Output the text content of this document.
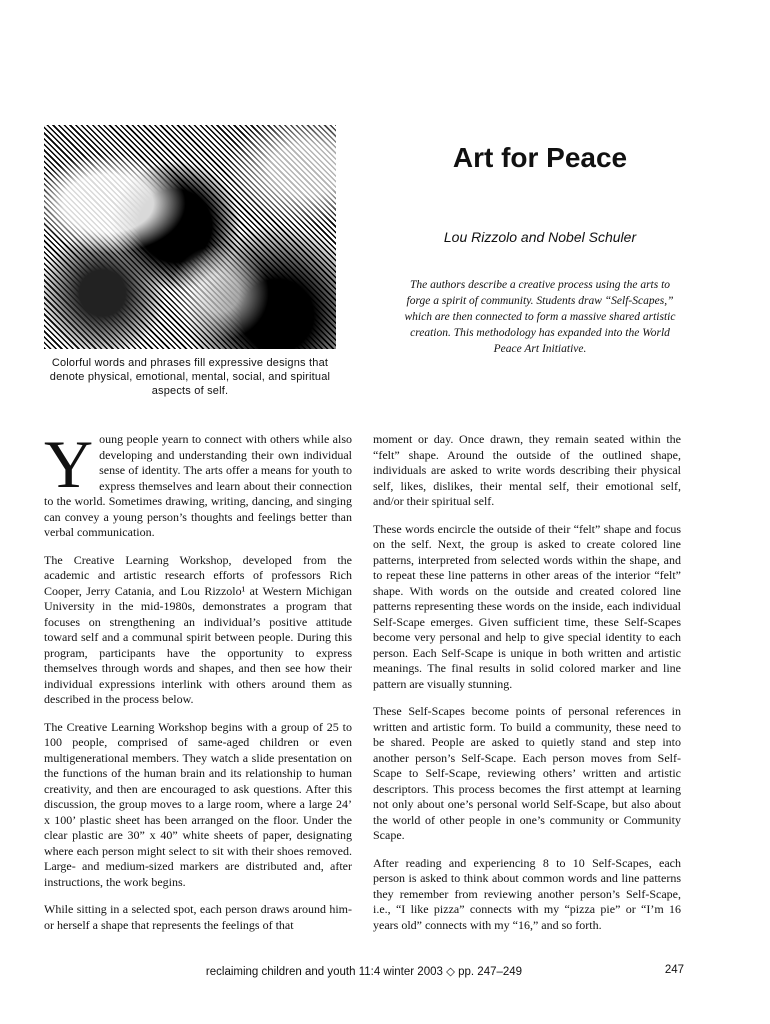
Colorful words and phrases fill expressive designs that denote physical, emotional, mental, social, and spiritual aspects of self.
Art for Peace
Lou Rizzolo and Nobel Schuler
The authors describe a creative process using the arts to forge a spirit of community. Students draw “Self-Scapes,” which are then connected to form a massive shared artistic creation. This methodology has expanded into the World Peace Art Initiative.

Young people yearn to connect with others while also developing and understanding their own individual sense of identity. The arts offer a means for youth to express themselves and learn about their connection to the world. Sometimes drawing, writing, dancing, and singing can convey a young person’s thoughts and feelings better than verbal communication.

The Creative Learning Workshop, developed from the academic and artistic research efforts of professors Rich Cooper, Jerry Catania, and Lou Rizzolo¹ at Western Michigan University in the mid-1980s, demonstrates a program that focuses on strengthening an individual’s positive attitude toward self and a communal spirit between people. During this program, participants have the opportunity to express themselves through words and shapes, and then see how their individual expressions interlink with others around them as described in the process below.

The Creative Learning Workshop begins with a group of 25 to 100 people, comprised of same-aged children or even multigenerational members. They watch a slide presentation on the functions of the human brain and its relationship to human creativity, and then are encouraged to ask questions. After this discussion, the group moves to a large room, where a large 24’ x 100’ plastic sheet has been arranged on the floor. Under the clear plastic are 30” x 40” white sheets of paper, designating where each person might select to sit with their shoes removed. Large- and medium-sized markers are distributed and, after instructions, the work begins.

While sitting in a selected spot, each person draws around him- or herself a shape that represents the feelings of that

moment or day. Once drawn, they remain seated within the “felt” shape. Around the outside of the outlined shape, individuals are asked to write words describing their physical self, likes, dislikes, their mental self, their emotional self, and/or their spiritual self.

These words encircle the outside of their “felt” shape and focus on the self. Next, the group is asked to create colored line patterns, interpreted from selected words within the shape, and to repeat these line patterns in other areas of the interior “felt” shape. With words on the outside and created colored line patterns representing these words on the inside, each individual Self-Scape emerges. Given sufficient time, these Self-Scapes become very personal and help to give special identity to each person. Each Self-Scape is unique in both written and artistic meanings. The final results in solid colored marker and line pattern are visually stunning.

These Self-Scapes become points of personal references in written and artistic form. To build a community, these need to be shared. People are asked to quietly stand and step into another person’s Self-Scape. Each person moves from Self-Scape to Self-Scape, reviewing others’ written and artistic descriptors. This process becomes the first attempt at learning not only about one’s personal world Self-Scape, but also about the world of other people in one’s community or Community Scape.

After reading and experiencing 8 to 10 Self-Scapes, each person is asked to think about common words and line patterns they remember from reviewing another person’s Self-Scape, i.e., “I like pizza” connects with my “pizza pie” or “I’m 16 years old” connects with my “16,” and so forth.

reclaiming children and youth 11:4 winter 2003 ◇ pp. 247–249	247
